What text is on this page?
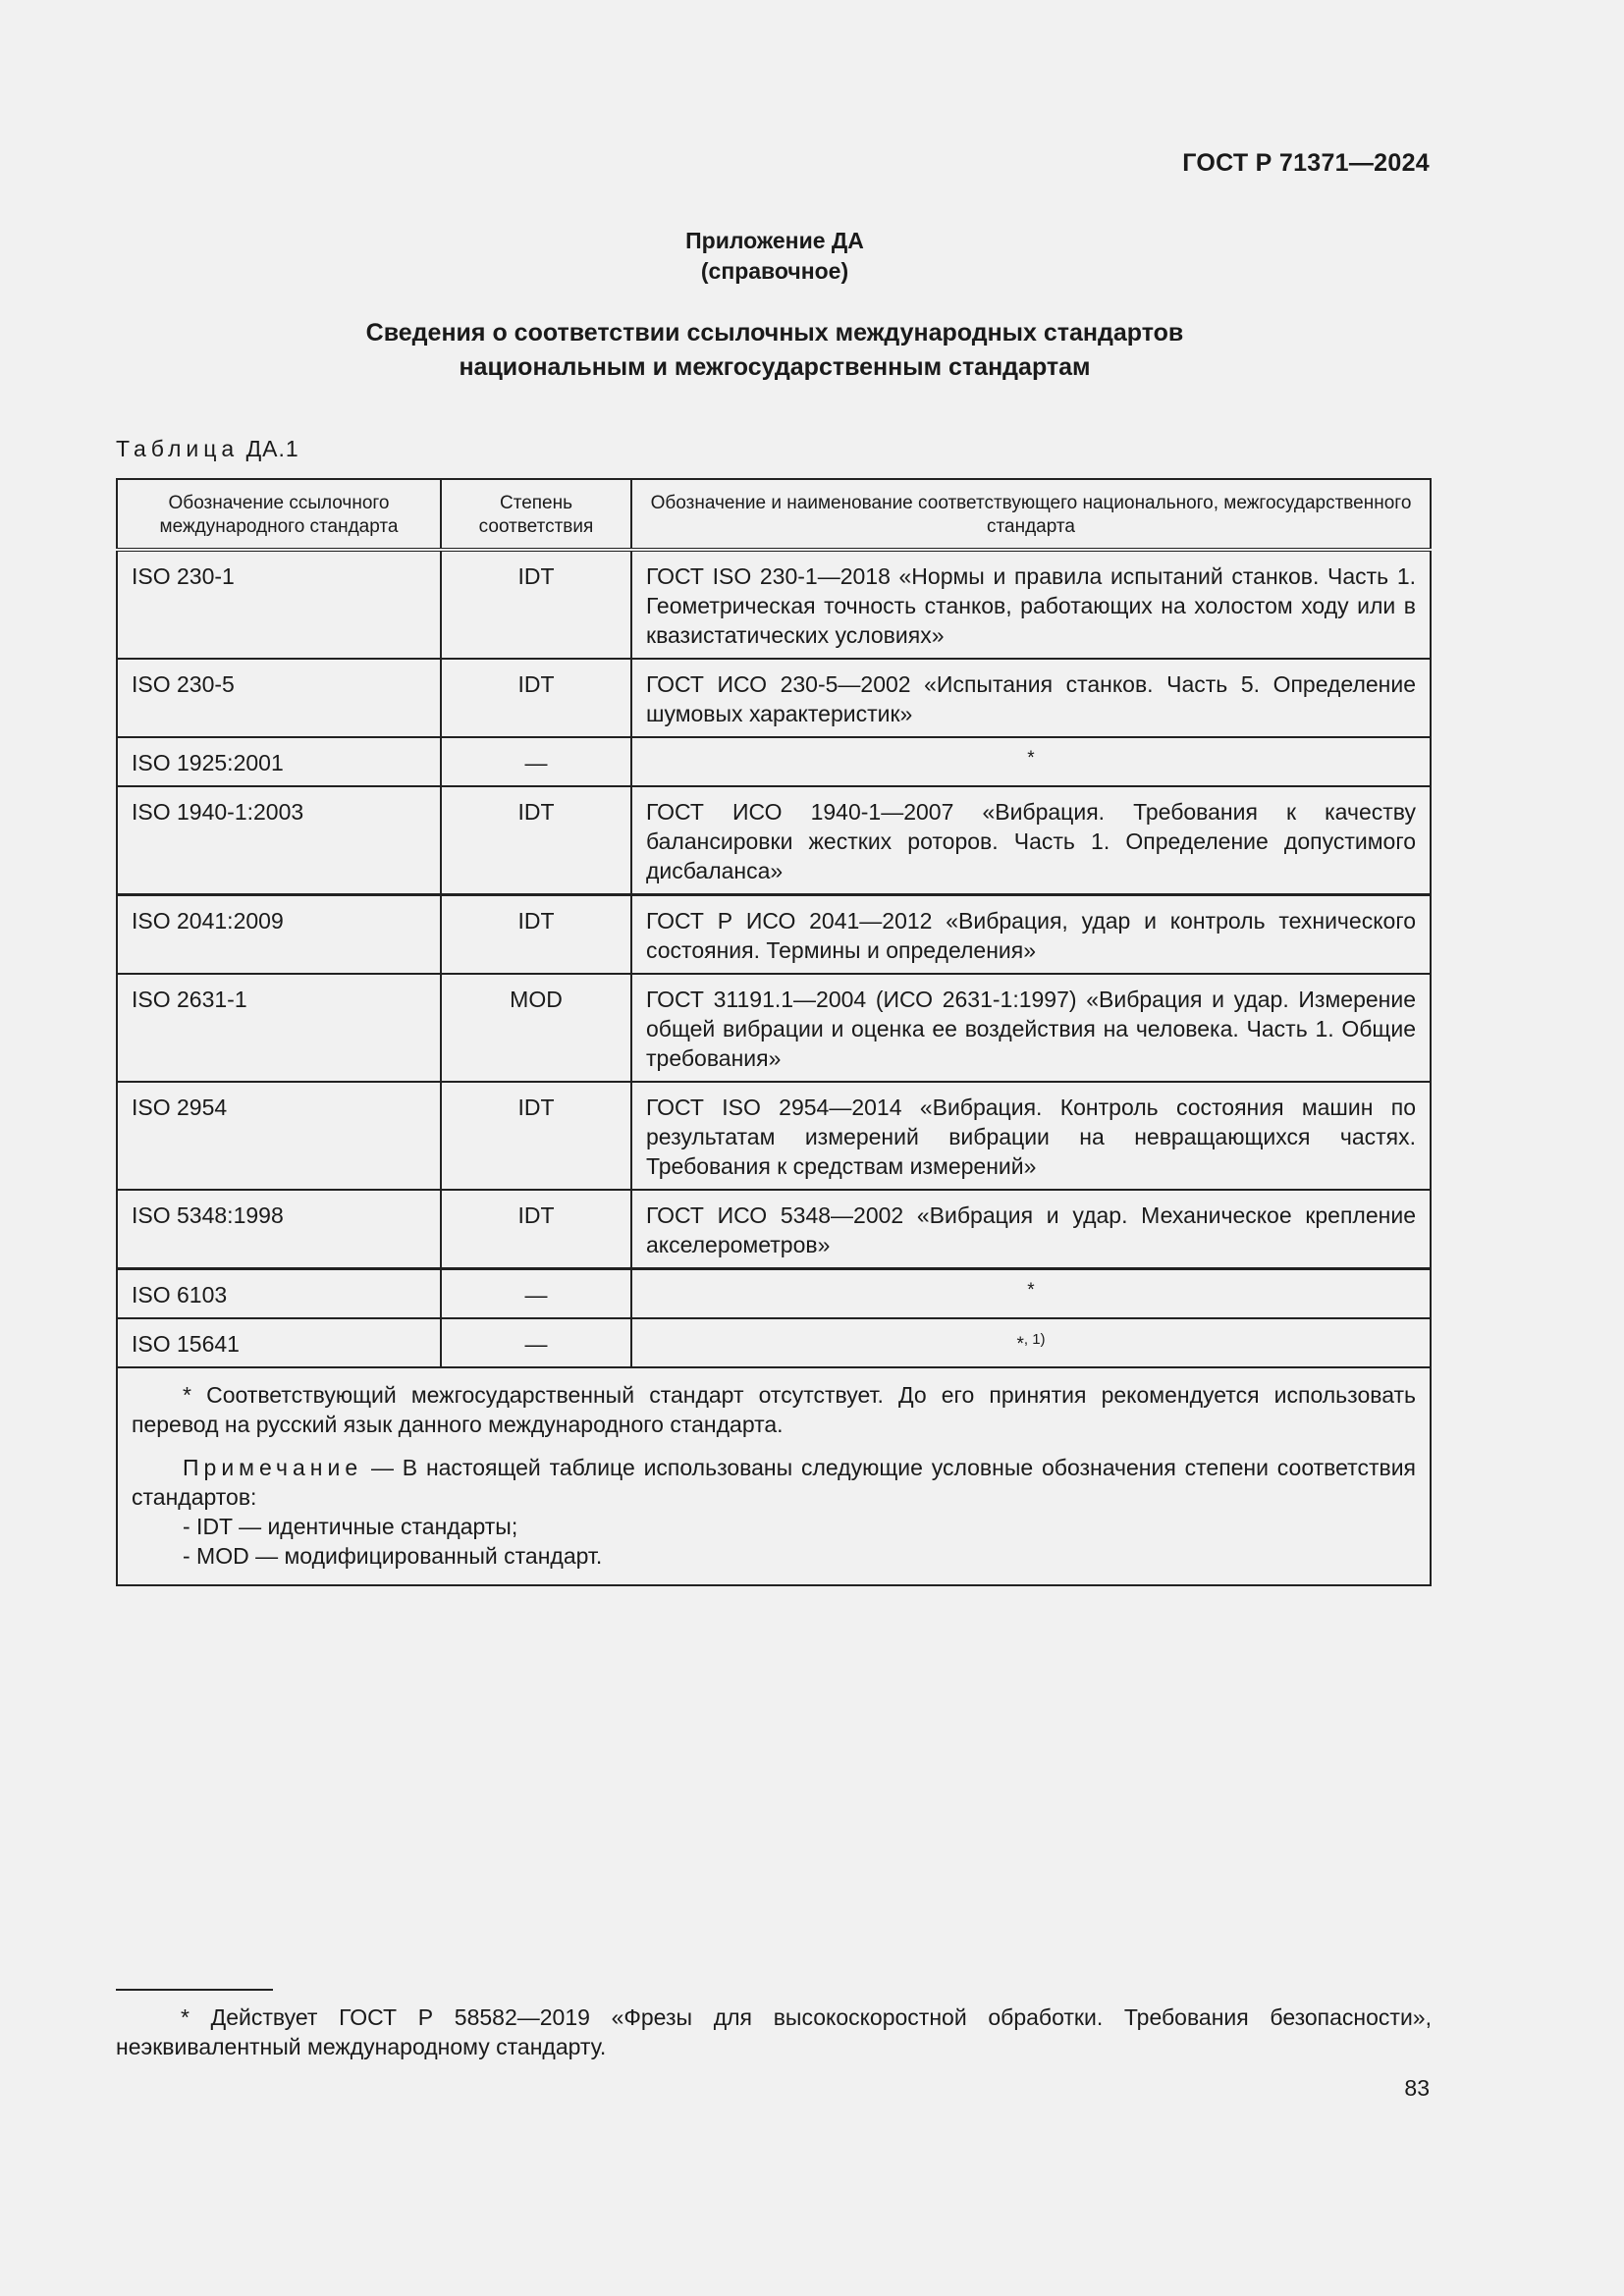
ГОСТ Р 71371—2024
Приложение ДА
(справочное)
Сведения о соответствии ссылочных международных стандартов
национальным и межгосударственным стандартам
Таблица ДА.1
Обозначение ссылочного международного стандарта	Степень соответствия	Обозначение и наименование соответствующего национального, межгосударственного стандарта
ISO 230-1	IDT	ГОСТ ISO 230-1—2018 «Нормы и правила испытаний станков. Часть 1. Геометрическая точность станков, работающих на холостом ходу или в квазистатических условиях»
ISO 230-5	IDT	ГОСТ ИСО 230-5—2002 «Испытания станков. Часть 5. Определение шумовых характеристик»
ISO 1925:2001	—	*
ISO 1940-1:2003	IDT	ГОСТ ИСО 1940-1—2007 «Вибрация. Требования к качеству балансировки жестких роторов. Часть 1. Определение допустимого дисбаланса»
ISO 2041:2009	IDT	ГОСТ Р ИСО 2041—2012 «Вибрация, удар и контроль технического состояния. Термины и определения»
ISO 2631-1	MOD	ГОСТ 31191.1—2004 (ИСО 2631-1:1997) «Вибрация и удар. Измерение общей вибрации и оценка ее воздействия на человека. Часть 1. Общие требования»
ISO 2954	IDT	ГОСТ ISO 2954—2014 «Вибрация. Контроль состояния машин по результатам измерений вибрации на невращающихся частях. Требования к средствам измерений»
ISO 5348:1998	IDT	ГОСТ ИСО 5348—2002 «Вибрация и удар. Механическое крепление акселерометров»
ISO 6103	—	*
ISO 15641	—	*$^{, 1)}$

* Соответствующий межгосударственный стандарт отсутствует. До его принятия рекомендуется использовать перевод на русский язык данного международного стандарта.

Примечание — В настоящей таблице использованы следующие условные обозначения степени соответствия стандартов:

- IDT — идентичные стандарты;

- MOD — модифицированный стандарт.		

* Действует ГОСТ Р 58582—2019 «Фрезы для высокоскоростной обработки. Требования безопасности», неэквивалентный международному стандарту.

83
